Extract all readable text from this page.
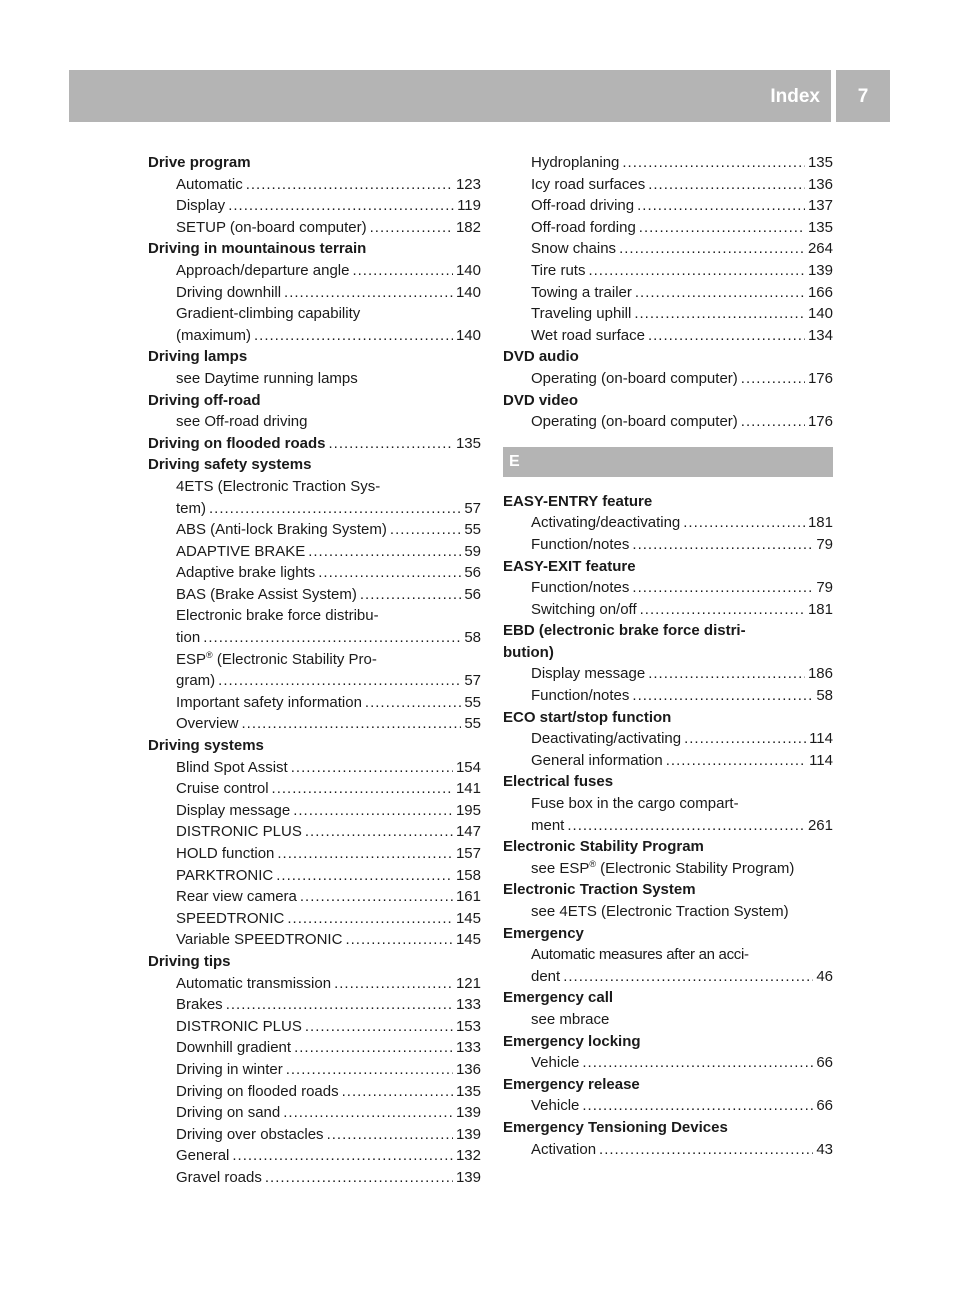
Index	7
Drive program
Automatic .....	123
Display .....	119
SETUP (on-board computer) .....	182
Driving in mountainous terrain
Approach/departure angle .....	140
Driving downhill .....	140
Gradient-climbing capability
(maximum) .....	140
Driving lamps
see Daytime running lamps
Driving off-road
see Off-road driving
Driving on flooded roads .....	135
Driving safety systems
4ETS (Electronic Traction Sys-
tem) .....	57
ABS (Anti-lock Braking System) .....	55
ADAPTIVE BRAKE .....	59
Adaptive brake lights .....	56
BAS (Brake Assist System) .....	56
Electronic brake force distribu-
tion .....	58
ESP® (Electronic Stability Pro-
gram) .....	57
Important safety information .....	55
Overview .....	55
Driving systems
Blind Spot Assist .....	154
Cruise control .....	141
Display message .....	195
DISTRONIC PLUS .....	147
HOLD function .....	157
PARKTRONIC .....	158
Rear view camera .....	161
SPEEDTRONIC .....	145
Variable SPEEDTRONIC .....	145
Driving tips
Automatic transmission .....	121
Brakes .....	133
DISTRONIC PLUS .....	153
Downhill gradient .....	133
Driving in winter .....	136
Driving on flooded roads .....	135
Driving on sand .....	139
Driving over obstacles .....	139
General .....	132
Gravel roads .....	139
Hydroplaning .....	135
Icy road surfaces .....	136
Off-road driving .....	137
Off-road fording .....	135
Snow chains .....	264
Tire ruts .....	139
Towing a trailer .....	166
Traveling uphill .....	140
Wet road surface .....	134
DVD audio
Operating (on-board computer) .....	176
DVD video
Operating (on-board computer) .....	176
E
EASY-ENTRY feature
Activating/deactivating .....	181
Function/notes .....	79
EASY-EXIT feature
Function/notes .....	79
Switching on/off .....	181
EBD (electronic brake force distri-
bution)
Display message .....	186
Function/notes .....	58
ECO start/stop function
Deactivating/activating .....	114
General information .....	114
Electrical fuses
Fuse box in the cargo compart-
ment .....	261
Electronic Stability Program
see ESP® (Electronic Stability Program)
Electronic Traction System
see 4ETS (Electronic Traction System)
Emergency
Automatic measures after an acci-
dent .....	46
Emergency call
see mbrace
Emergency locking
Vehicle .....	66
Emergency release
Vehicle .....	66
Emergency Tensioning Devices
Activation .....	43
